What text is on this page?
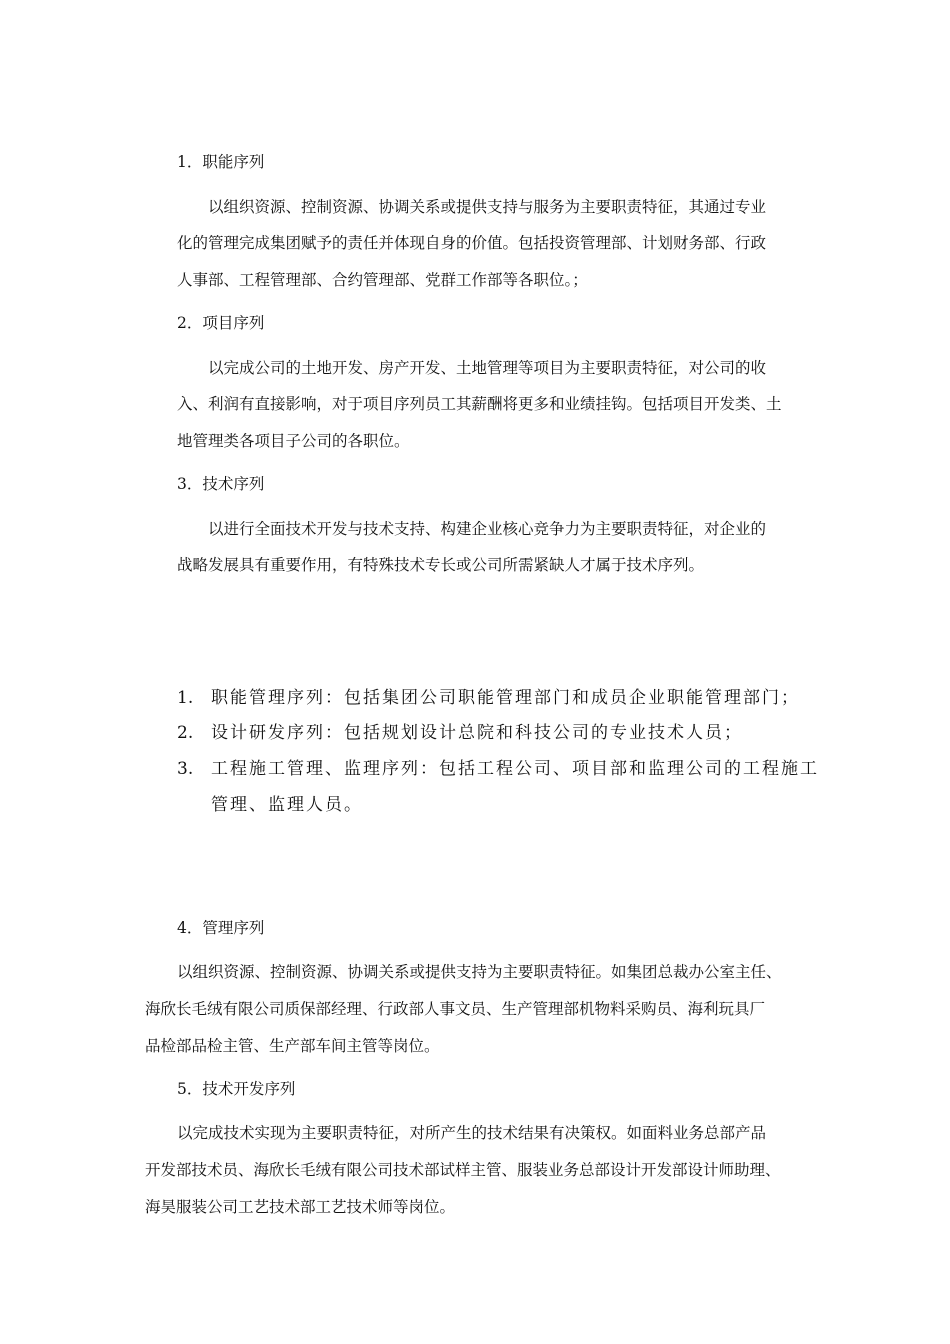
1．职能序列

以组织资源、控制资源、协调关系或提供支持与服务为主要职责特征，其通过专业

化的管理完成集团赋予的责任并体现自身的价值。包括投资管理部、计划财务部、行政

人事部、工程管理部、合约管理部、党群工作部等各职位。；

2．项目序列

以完成公司的土地开发、房产开发、土地管理等项目为主要职责特征，对公司的收

入、利润有直接影响，对于项目序列员工其薪酬将更多和业绩挂钩。包括项目开发类、土

地管理类各项目子公司的各职位。

3．技术序列

以进行全面技术开发与技术支持、构建企业核心竞争力为主要职责特征，对企业的

战略发展具有重要作用，有特殊技术专长或公司所需紧缺人才属于技术序列。

1. 职能管理序列：包括集团公司职能管理部门和成员企业职能管理部门；

2. 设计研发序列：包括规划设计总院和科技公司的专业技术人员；

3. 工程施工管理、监理序列：包括工程公司、项目部和监理公司的工程施工

管理、监理人员。

4．管理序列

以组织资源、控制资源、协调关系或提供支持为主要职责特征。如集团总裁办公室主任、

海欣长毛绒有限公司质保部经理、行政部人事文员、生产管理部机物料采购员、海利玩具厂

品检部品检主管、生产部车间主管等岗位。

5．技术开发序列

以完成技术实现为主要职责特征，对所产生的技术结果有决策权。如面料业务总部产品

开发部技术员、海欣长毛绒有限公司技术部试样主管、服装业务总部设计开发部设计师助理、

海昊服装公司工艺技术部工艺技术师等岗位。
